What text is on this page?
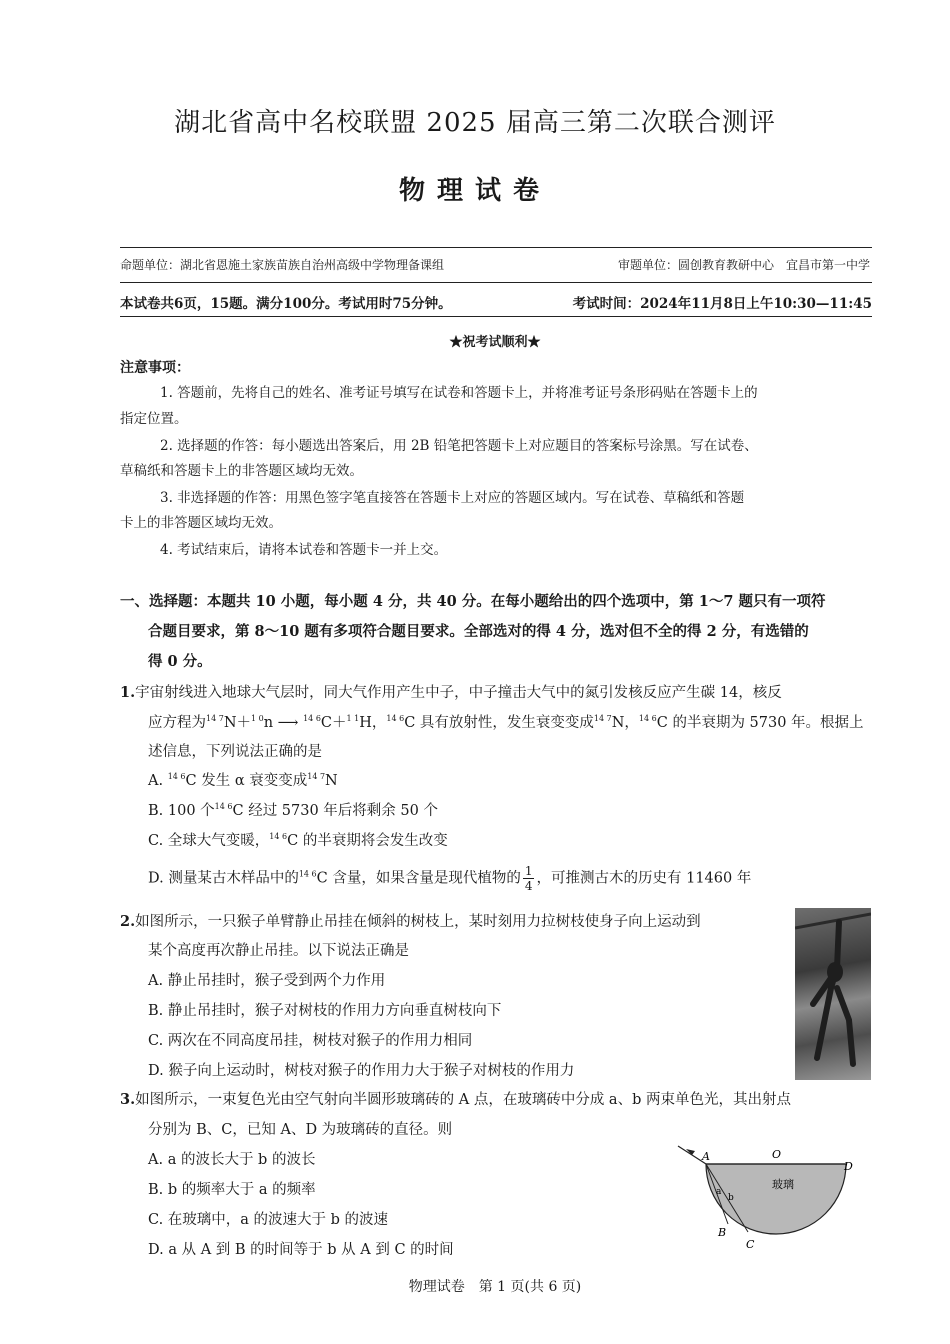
湖北省高中名校联盟 2025 届高三第二次联合测评
物理试卷
命题单位：湖北省恩施土家族苗族自治州高级中学物理备课组	审题单位：圆创教育教研中心　宜昌市第一中学
本试卷共6页，15题。满分100分。考试用时75分钟。	考试时间：2024年11月8日上午10:30—11:45
★祝考试顺利★
注意事项：
1. 答题前，先将自己的姓名、准考证号填写在试卷和答题卡上，并将准考证号条形码贴在答题卡上的
指定位置。
2. 选择题的作答：每小题选出答案后，用 2B 铅笔把答题卡上对应题目的答案标号涂黑。写在试卷、
草稿纸和答题卡上的非答题区域均无效。
3. 非选择题的作答：用黑色签字笔直接答在答题卡上对应的答题区域内。写在试卷、草稿纸和答题
卡上的非答题区域均无效。
4. 考试结束后，请将本试卷和答题卡一并上交。
一、选择题：本题共 10 小题，每小题 4 分，共 40 分。在每小题给出的四个选项中，第 1～7 题只有一项符
合题目要求，第 8～10 题有多项符合题目要求。全部选对的得 4 分，选对但不全的得 2 分，有选错的
得 0 分。
1.宇宙射线进入地球大气层时，同大气作用产生中子，中子撞击大气中的氮引发核反应产生碳 14，核反
应方程为$^{14 7}$N＋$^{1 0}$n ⟶ $^{14 6}$C＋$^{1 1}$H，$^{14 6}$C 具有放射性，发生衰变变成$^{14 7}$N，$^{14 6}$C 的半衰期为 5730 年。根据上
述信息，下列说法正确的是
A. $^{14 6}$C 发生 α 衰变变成$^{14 7}$N
B. 100 个$^{14 6}$C 经过 5730 年后将剩余 50 个
C. 全球大气变暖，$^{14 6}$C 的半衰期将会发生改变
D. 测量某古木样品中的$^{14 6}$C 含量，如果含量是现代植物的 $\frac{1}{4}$ ，可推测古木的历史有 11460 年
2.如图所示，一只猴子单臂静止吊挂在倾斜的树枝上，某时刻用力拉树枝使身子向上运动到
某个高度再次静止吊挂。以下说法正确是
A. 静止吊挂时，猴子受到两个力作用
B. 静止吊挂时，猴子对树枝的作用力方向垂直树枝向下
C. 两次在不同高度吊挂，树枝对猴子的作用力相同
D. 猴子向上运动时，树枝对猴子的作用力大于猴子对树枝的作用力
3.如图所示，一束复色光由空气射向半圆形玻璃砖的 A 点，在玻璃砖中分成 a、b 两束单色光，其出射点
分别为 B、C，已知 A、D 为玻璃砖的直径。则
A. a 的波长大于 b 的波长
B. b 的频率大于 a 的频率
C. 在玻璃中，a 的波速大于 b 的波速
D. a 从 A 到 B 的时间等于 b 从 A 到 C 的时间
A	O
D
B
C
a
b
玻璃
物理试卷　第 1 页(共 6 页)
